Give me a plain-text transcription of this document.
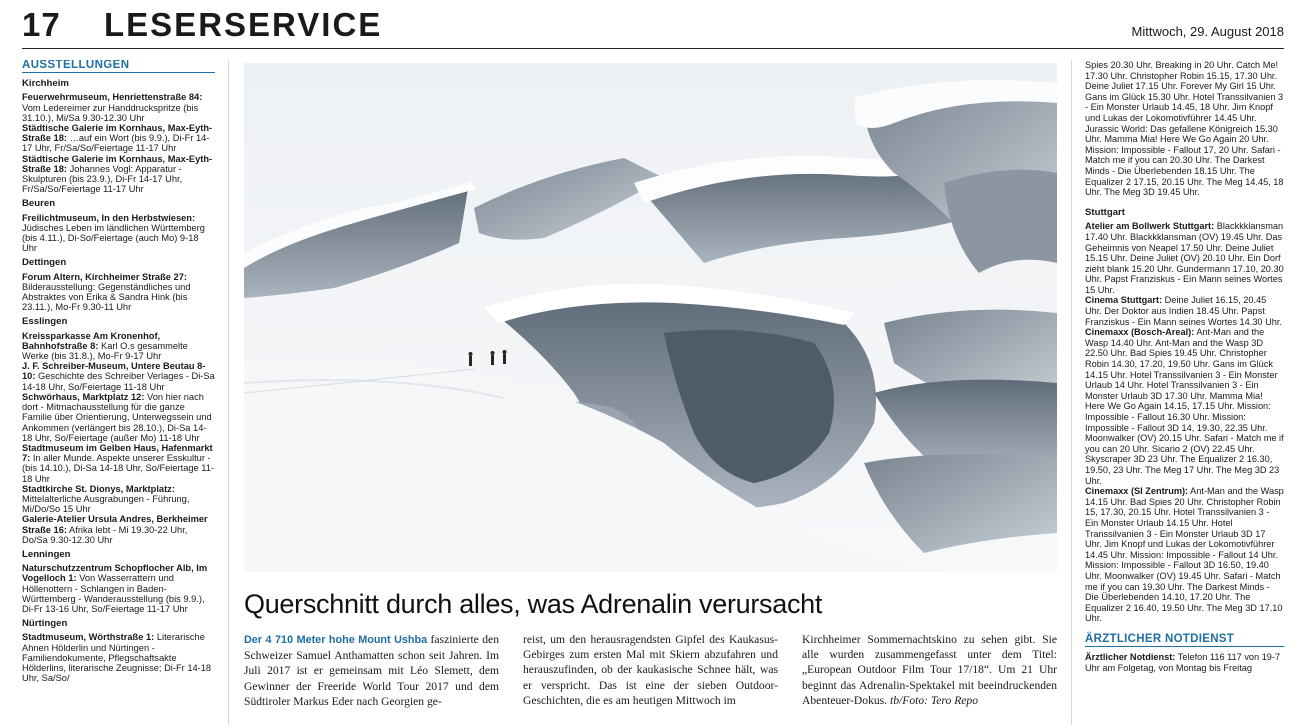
17 LESERSERVICE	Mittwoch, 29. August 2018
AUSSTELLUNGEN
Kirchheim
Feuerwehrmuseum, Henriettenstraße 84: Vom Ledereimer zur Handdruckspritze (bis 31.10.), Mi/Sa 9.30-12.30 Uhr
Städtische Galerie im Kornhaus, Max-Eyth-Straße 18: …auf ein Wort (bis 9.9.), Di-Fr 14-17 Uhr, Fr/Sa/So/Feiertage 11-17 Uhr
Städtische Galerie im Kornhaus, Max-Eyth-Straße 18: Johannes Vogl: Apparatur - Skulpturen (bis 23.9.), Di-Fr 14-17 Uhr, Fr/Sa/So/Feiertage 11-17 Uhr
Beuren
Freilichtmuseum, In den Herbstwiesen: Jüdisches Leben im ländlichen Württemberg (bis 4.11.), Di-So/Feiertage (auch Mo) 9-18 Uhr
Dettingen
Forum Altern, Kirchheimer Straße 27: Bilderausstellung: Gegenständliches und Abstraktes von Erika & Sandra Hink (bis 23.11.), Mo-Fr 9.30-11 Uhr
Esslingen
Kreissparkasse Am Kronenhof, Bahnhofstraße 8: Karl O.s gesammelte Werke (bis 31.8.), Mo-Fr 9-17 Uhr
J. F. Schreiber-Museum, Untere Beutau 8-10: Geschichte des Schreiber Verlages - Di-Sa 14-18 Uhr, So/Feiertage 11-18 Uhr
Schwörhaus, Marktplatz 12: Von hier nach dort - Mitmachausstellung für die ganze Familie über Orientierung, Unterwegssein und Ankommen (verlängert bis 28.10.), Di-Sa 14-18 Uhr, So/Feiertage (außer Mo) 11-18 Uhr
Stadtmuseum im Gelben Haus, Hafenmarkt 7: In aller Munde. Aspekte unserer Esskultur - (bis 14.10.), Di-Sa 14-18 Uhr, So/Feiertage 11-18 Uhr
Stadtkirche St. Dionys, Marktplatz: Mittelalterliche Ausgrabungen - Führung, Mi/Do/So 15 Uhr
Galerie-Atelier Ursula Andres, Berkheimer Straße 16: Afrika lebt - Mi 19.30-22 Uhr, Do/Sa 9.30-12.30 Uhr
Lenningen
Naturschutzzentrum Schopflocher Alb, Im Vogelloch 1: Von Wasserrattern und Höllenottern - Schlangen in Baden-Württemberg - Wanderausstellung (bis 9.9.), Di-Fr 13-16 Uhr, So/Feiertage 11-17 Uhr
Nürtingen
Stadtmuseum, Wörthstraße 1: Literarische Ahnen Hölderlin und Nürtingen - Familiendokumente, Pflegschaftsakte Hölderlins, literarische Zeugnisse; Di-Fr 14-18 Uhr, Sa/So/
Querschnitt durch alles, was Adrenalin verursacht
Der 4 710 Meter hohe Mount Ushba faszinierte den Schweizer Samuel Anthamatten schon seit Jahren. Im Juli 2017 ist er gemeinsam mit Léo Slemett, dem Gewinner der Freeride World Tour 2017 und dem Südtiroler Markus Eder nach Georgien ge-
reist, um den herausragendsten Gipfel des Kaukasus-Gebirges zum ersten Mal mit Skiern abzufahren und herauszufinden, ob der kaukasische Schnee hält, was er verspricht. Das ist eine der sieben Outdoor-Geschichten, die es am heutigen Mittwoch im
Kirchheimer Sommernachtskino zu sehen gibt. Sie alle wurden zusammengefasst unter dem Titel: „European Outdoor Film Tour 17/18“. Um 21 Uhr beginnt das Adrenalin-Spektakel mit beeindruckenden Abenteuer-Dokus. tb/Foto: Tero Repo
Spies 20.30 Uhr. Breaking in 20 Uhr. Catch Me! 17.30 Uhr. Christopher Robin 15.15, 17.30 Uhr. Deine Juliet 17.15 Uhr. Forever My Girl 15 Uhr. Gans im Glück 15.30 Uhr. Hotel Transsilvanien 3 - Ein Monster Urlaub 14.45, 18 Uhr. Jim Knopf und Lukas der Lokomotivführer 14.45 Uhr. Jurassic World: Das gefallene Königreich 15.30 Uhr. Mamma Mia! Here We Go Again 20 Uhr. Mission: Impossible - Fallout 17, 20 Uhr. Safari - Match me if you can 20.30 Uhr. The Darkest Minds - Die Überlebenden 18.15 Uhr. The Equalizer 2 17.15, 20.15 Uhr. The Meg 14.45, 18 Uhr. The Meg 3D 19.45 Uhr.
Stuttgart
Atelier am Bollwerk Stuttgart: Blackkklansman 17.40 Uhr. Blackkklansman (OV) 19.45 Uhr. Das Geheimnis von Neapel 17.50 Uhr. Deine Juliet 15.15 Uhr. Deine Juliet (OV) 20.10 Uhr. Ein Dorf zieht blank 15.20 Uhr. Gundermann 17.10, 20.30 Uhr. Papst Franziskus - Ein Mann seines Wortes 15 Uhr.
Cinema Stuttgart: Deine Juliet 16.15, 20.45 Uhr. Der Doktor aus Indien 18.45 Uhr. Papst Franziskus - Ein Mann seines Wortes 14.30 Uhr.
Cinemaxx (Bosch-Areal): Ant-Man and the Wasp 14.40 Uhr. Ant-Man and the Wasp 3D 22.50 Uhr. Bad Spies 19.45 Uhr. Christopher Robin 14.30, 17.20, 19.50 Uhr. Gans im Glück 14.15 Uhr. Hotel Transsilvanien 3 - Ein Monster Urlaub 14 Uhr. Hotel Transsilvanien 3 - Ein Monster Urlaub 3D 17.30 Uhr. Mamma Mia! Here We Go Again 14.15, 17.15 Uhr. Mission: Impossible - Fallout 16.30 Uhr. Mission: Impossible - Fallout 3D 14, 19.30, 22.35 Uhr. Moonwalker (OV) 20.15 Uhr. Safari - Match me if you can 20 Uhr. Sicario 2 (OV) 22.45 Uhr. Skyscraper 3D 23 Uhr. The Equalizer 2 16.30, 19.50, 23 Uhr. The Meg 17 Uhr. The Meg 3D 23 Uhr.
Cinemaxx (SI Zentrum): Ant-Man and the Wasp 14.15 Uhr. Bad Spies 20 Uhr. Christopher Robin 15, 17.30, 20.15 Uhr. Hotel Transsilvanien 3 - Ein Monster Urlaub 14.15 Uhr. Hotel Transsilvanien 3 - Ein Monster Urlaub 3D 17 Uhr. Jim Knopf und Lukas der Lokomotivführer 14.45 Uhr. Mission: Impossible - Fallout 14 Uhr. Mission: Impossible - Fallout 3D 16.50, 19.40 Uhr. Moonwalker (OV) 19.45 Uhr. Safari - Match me if you can 19.30 Uhr. The Darkest Minds - Die Überlebenden 14.10, 17.20 Uhr. The Equalizer 2 16.40, 19.50 Uhr. The Meg 3D 17.10 Uhr.
ÄRZTLICHER NOTDIENST
Ärztlicher Notdienst: Telefon 116 117 von 19-7 Uhr am Folgetag, von Montag bis Freitag
